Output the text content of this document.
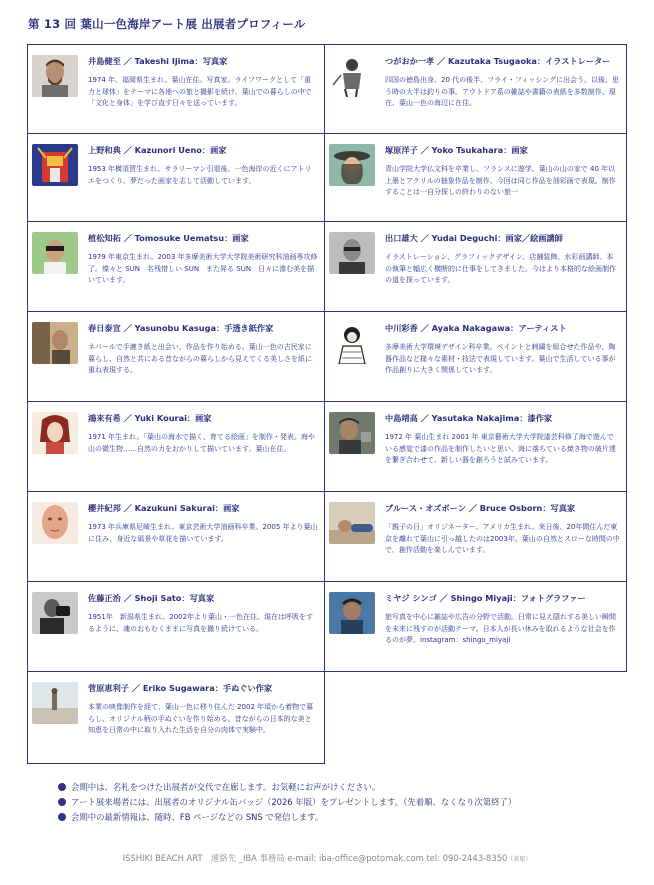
第 13 回 葉山一色海岸アート展 出展者プロフィール
井島健至 ／ Takeshi Ijima：写真家
1974 年、福岡県生まれ。葉山在住。写真家。ライフワークとして「重力と球体」をテーマに各地への旅と撮影を続け、葉山での暮らしの中で「文化と身体」を学び直す日々を送っています。
つがおか一孝 ／ Kazutaka Tsugaoka：イラストレーター
四国の徳島出身。20 代の後半、フライ・フィッシングに出会う。以後、思う時の大半は釣りの事。アウトドア系の雑誌や書籍の表紙を多数制作。現在、葉山一色の海辺に在住。
上野和典 ／ Kazunori Ueno：画家
1953 年横須賀生まれ。サラリーマン引退後、一色海岸の近くにアトリエをつくり、夢だった画家を志して活動しています。
塚原洋子 ／ Yoko Tsukahara：画家
青山学院大学仏文科を卒業し、フランスに遊学。葉山の山の家で 40 年以上墨とアクリルの抽象作品を制作、今回は同じ作品を油彩画で表現。制作することは一自分探しの終わりのない旅一
植松知拓 ／ Tomosuke Uematsu：画家
1979 年東京生まれ。2003 年多摩美術大学大学院美術研究科油画専攻修了。燦々と SUN　名残惜しい SUN　また昇る SUN　日々に滲む美を描いています。
出口雄大 ／ Yudai Deguchi：画家／絵画講師
イラストレーション、グラフィックデザイン、店舗装飾、水彩画講師、本の執筆と幅広く横断的に仕事をしてきました。今はより本格的な絵画制作の道を探っています。
春日泰宣 ／ Yasunobu Kasuga：手透き紙作家
ネパールで手漉き紙と出会い、作品を作り始める。葉山一色の古民家に暮らし、自然と共にある昔ながらの暮らしから見えてくる美しさを紙に重ね表現する。
中川彩香 ／ Ayaka Nakagawa：アーティスト
多摩美術大学環境デザイン科卒業。ペイントと刺繍を組合せた作品や、陶器作品など様々な素材・技法で表現しています。葉山で生活している事が作品創りに大きく関係しています。
鴻来有希 ／ Yuki Kourai：画家
1971 年生まれ。「葉山の海水で描く、育てる絵画」を制作・発表。海や山の微生物……自然の力をおかりして描いています。葉山在住。
中島靖高 ／ Yasutaka Nakajima：漆作家
1972 年 葉山生まれ 2001 年 東京藝術大学大学院漆芸科修了海で遊んでいる感覚で漆の作品を制作したいと思い、海に落ちている焼き物の破片達を繋ぎ合わせて、新しい器を創ろうと試みています。
櫻井紀邦 ／ Kazukuni Sakurai：画家
1973 年兵庫県尼崎生まれ。東京芸術大学油画科卒業。2005 年より葉山に住み、身近な風景や草花を描いています。
ブルース・オズボーン ／ Bruce Osborn：写真家
「親子の日」オリジネーター。アメリカ生まれ。来日後、20年間住んだ東京を離れて葉山に引っ越したのは2003年。葉山の自然とスローな時間の中で、創作活動を楽しんでいます。
佐藤正治 ／ Shoji Sato：写真家
1951年　新潟県生まれ。2002年より葉山・一色在住。現在は呼吸をするように、魂のおもむくままに写真を撮り続けている。
ミヤジ シンゴ ／ Shingo Miyaji：フォトグラファー
旅写真を中心に雑誌や広告の分野で活動。日常に見え隠れする美しい瞬間を未来に残すのが活動テーマ。日本人が長い休みを取れるような社会を作るのが夢。instagram：shingo_miyaji
菅原恵利子 ／ Eriko Sugawara：手ぬぐい作家
本業の映像制作を経て、葉山一色に移り住んだ 2002 年頃から着物で暮らし、オリジナル柄の手ぬぐいを作り始める。昔ながらの日本的な美と知恵を日常の中に取り入れた生活を自分の肉体で実験中。
会期中は、名札をつけた出展者が交代で在廊します。お気軽にお声がけください。
アート展来場者には、出展者のオリジナル缶バッジ（2026 年版）をプレゼントします。（先着順、なくなり次第終了）
会期中の最新情報は、随時、FB ページなどの SNS で発信します。
ISSHIKI BEACH ART　連絡先 _IBA 事務局 e-mail: iba-office@potomak.com tel: 090-2443-8350（菅原）
